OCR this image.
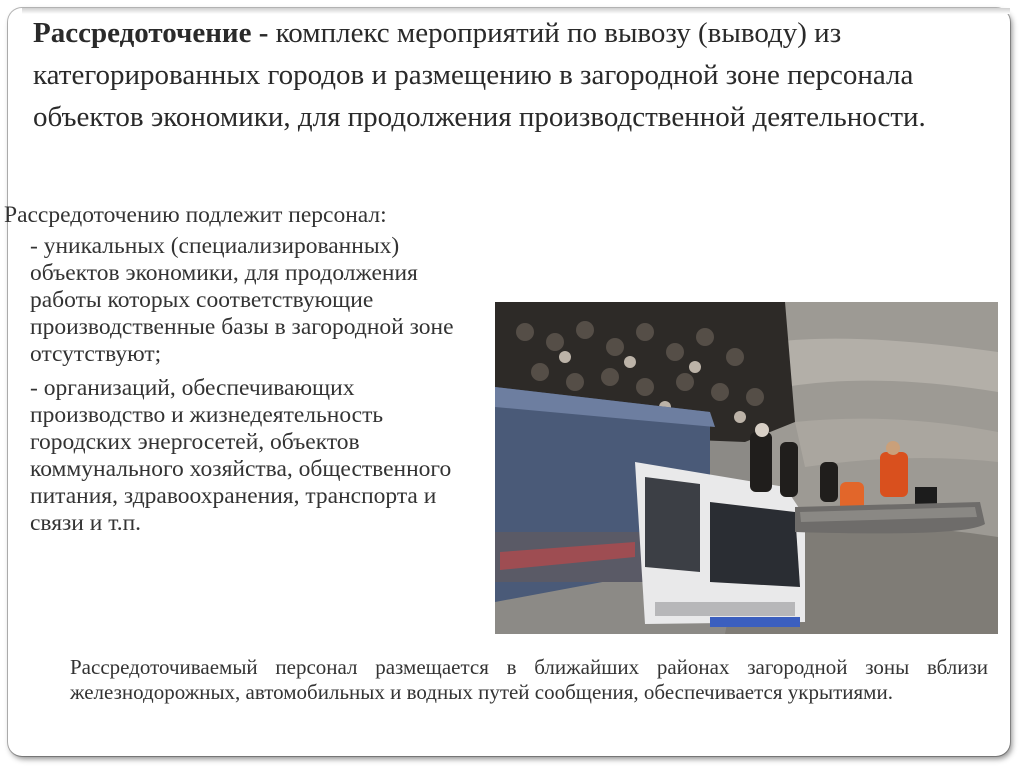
Рассредоточение - комплекс мероприятий по вывозу (выводу) из категорированных городов и размещению в загородной зоне персонала объектов экономики, для продолжения производственной деятельности.
Рассредоточению подлежит персонал:

- уникальных (специализированных) объектов экономики, для продолжения работы которых соответствующие производственные базы в загородной зоне отсутствуют;

- организаций, обеспечивающих производство и жизнедеятельность городских энергосетей, объектов коммунального хозяйства, общественного питания, здравоохранения, транспорта и связи и т.п.

Рассредоточиваемый персонал размещается в ближайших районах загородной зоны вблизи железнодорожных, автомобильных и водных путей сообщения, обеспечивается укрытиями.
